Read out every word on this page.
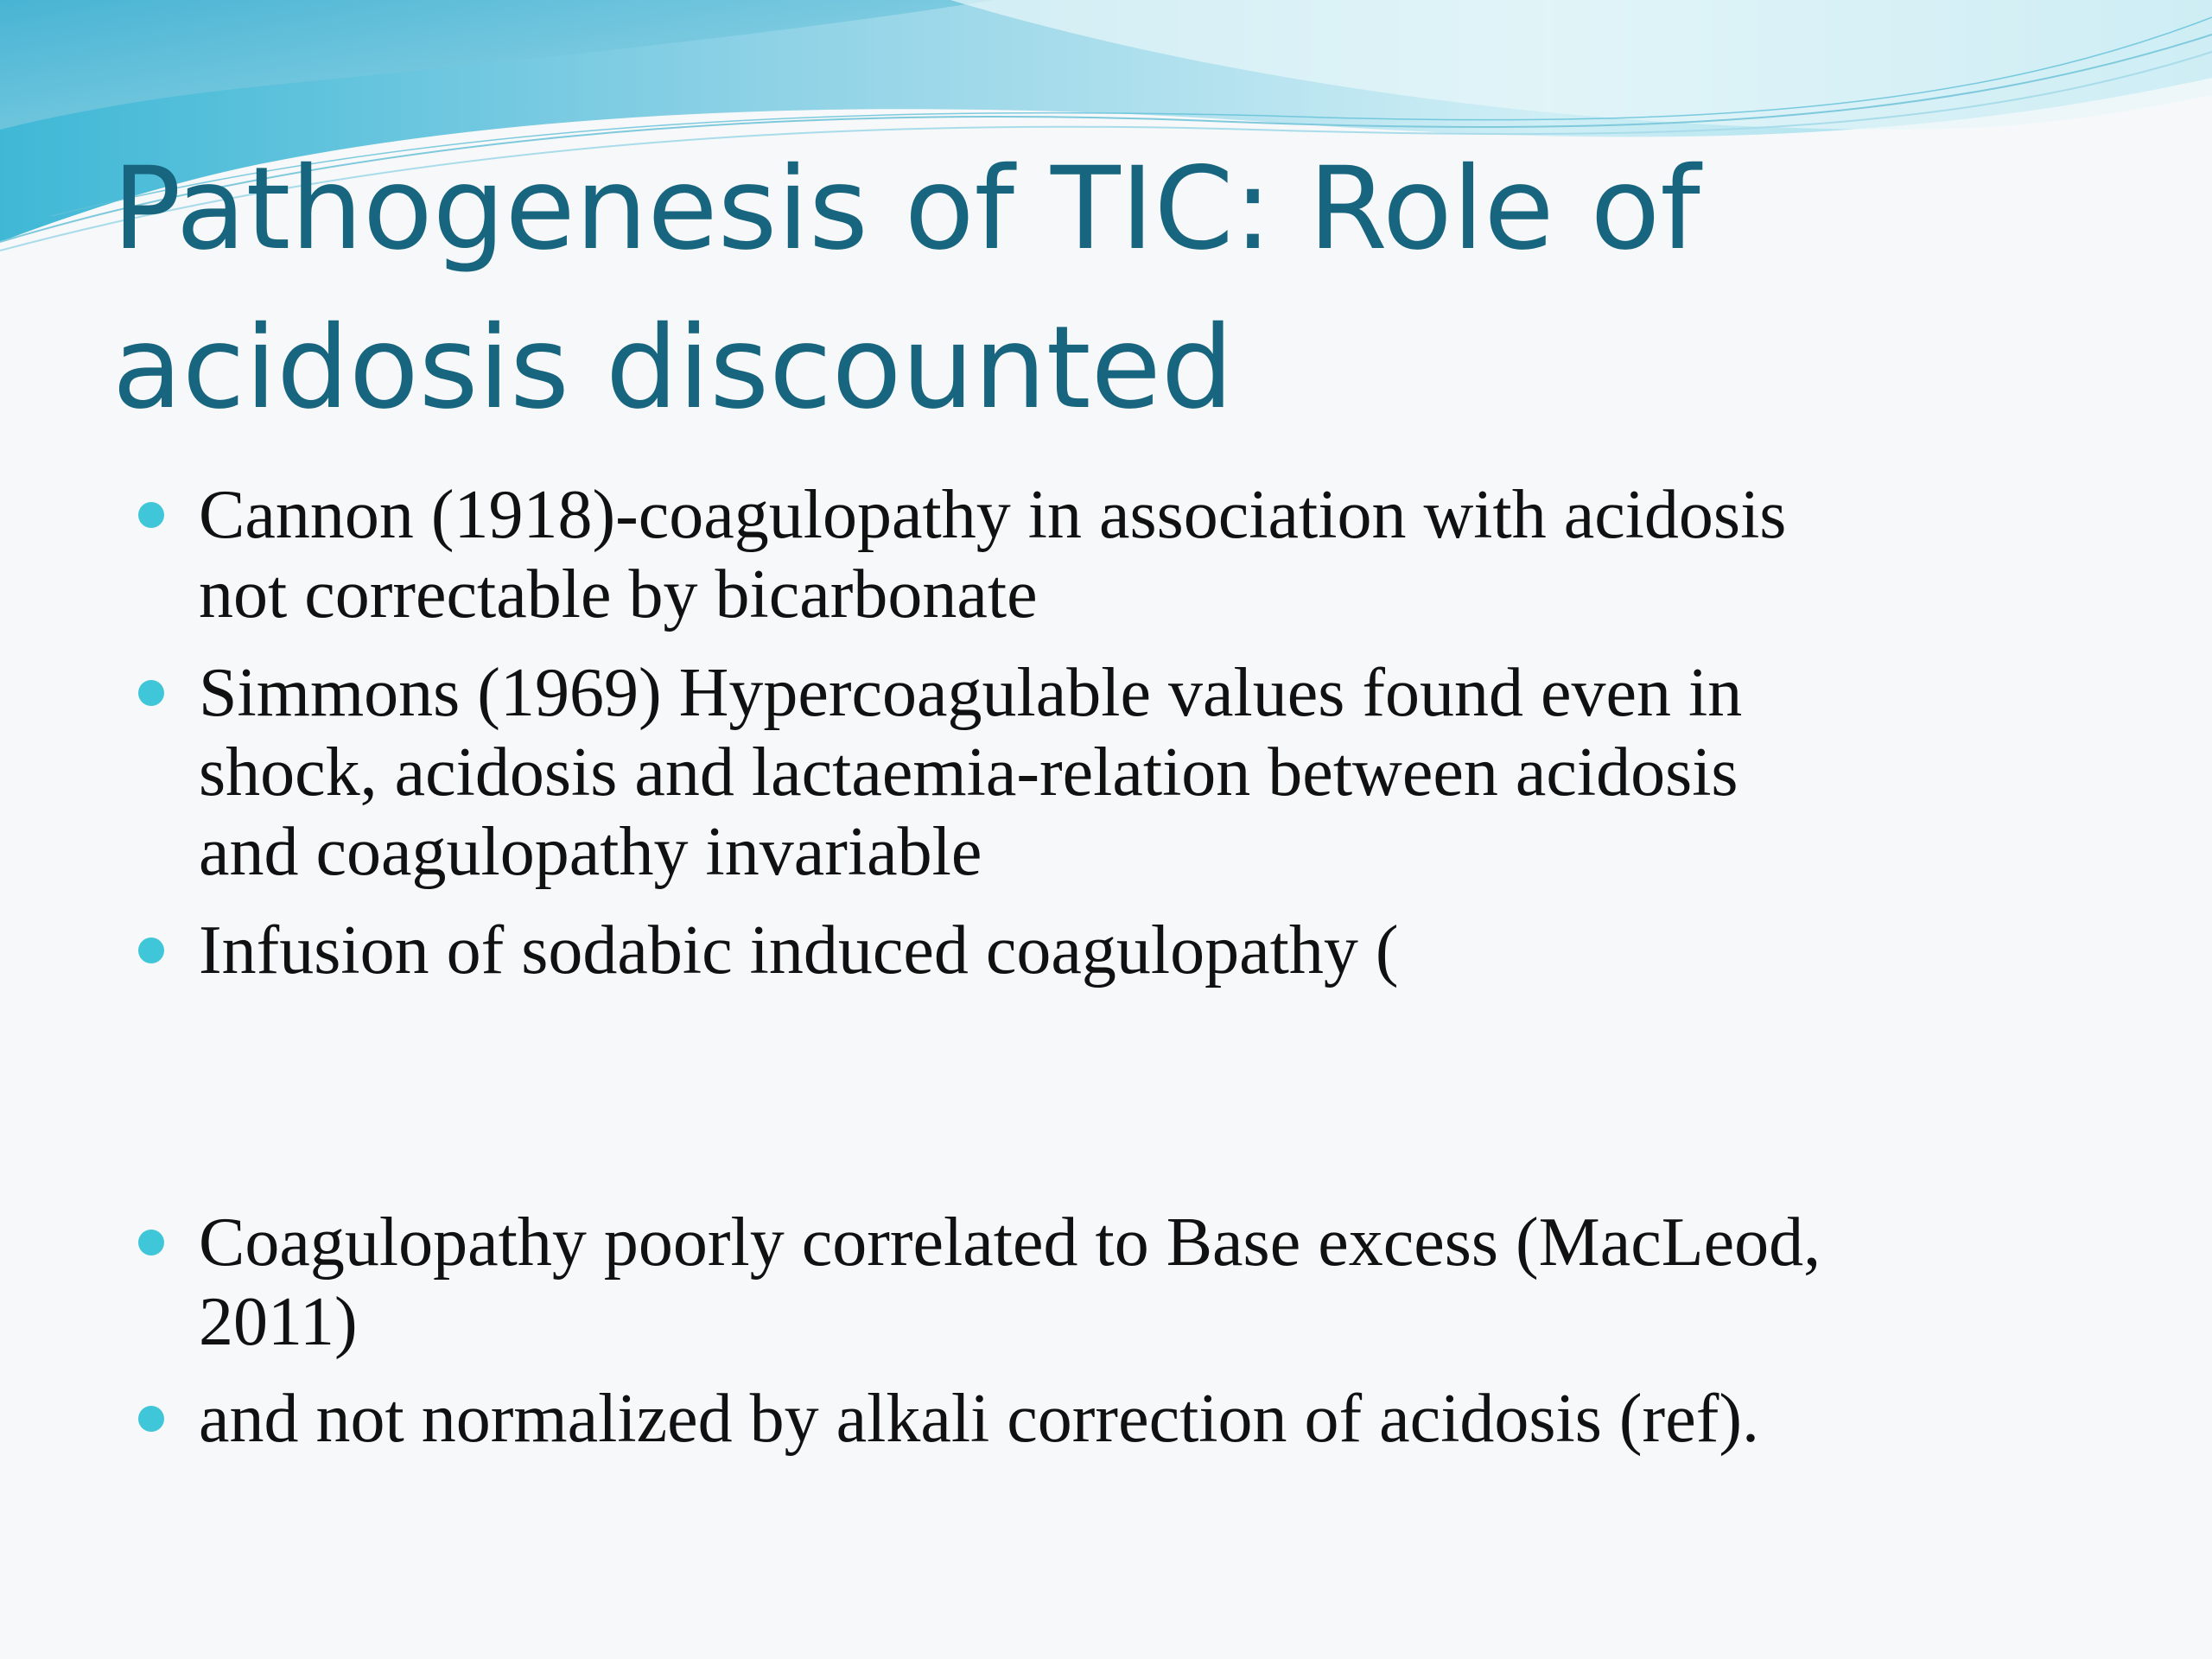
Pathogenesis of TIC: Role of
acidosis discounted
Cannon (1918)-coagulopathy in association with acidosis
not correctable by bicarbonate
Simmons (1969) Hypercoagulable values found even in
shock, acidosis and lactaemia-relation between acidosis
and coagulopathy invariable
Infusion of sodabic induced coagulopathy (
Coagulopathy poorly correlated to Base excess (MacLeod,
2011)
and not normalized by alkali correction of acidosis (ref).
